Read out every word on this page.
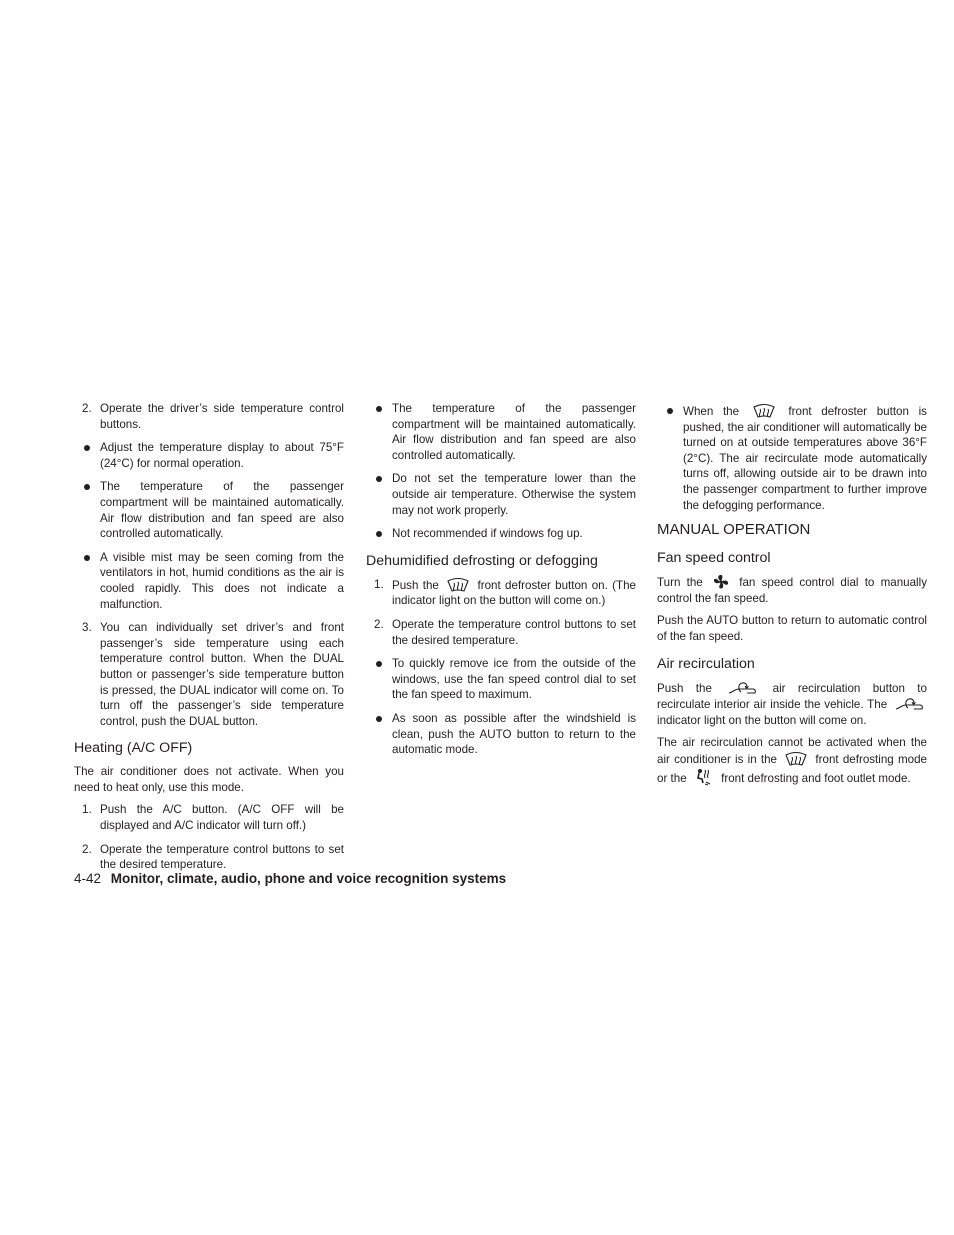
2. Operate the driver’s side temperature control buttons.
Adjust the temperature display to about 75°F (24°C) for normal operation.
The temperature of the passenger compartment will be maintained automatically. Air flow distribution and fan speed are also controlled automatically.
A visible mist may be seen coming from the ventilators in hot, humid conditions as the air is cooled rapidly. This does not indicate a malfunction.
3. You can individually set driver’s and front passenger’s side temperature using each temperature control button. When the DUAL button or passenger’s side temperature button is pressed, the DUAL indicator will come on. To turn off the passenger’s side temperature control, push the DUAL button.
Heating (A/C OFF)

The air conditioner does not activate. When you need to heat only, use this mode.

1. Push the A/C button. (A/C OFF will be displayed and A/C indicator will turn off.)
2. Operate the temperature control buttons to set the desired temperature.
The temperature of the passenger compartment will be maintained automatically. Air flow distribution and fan speed are also controlled automatically.
Do not set the temperature lower than the outside air temperature. Otherwise the system may not work properly.
Not recommended if windows fog up.
Dehumidified defrosting or defogging
1. Push the	front defroster button on. (The indicator light on the button will come on.)
2. Operate the temperature control buttons to set the desired temperature.
To quickly remove ice from the outside of the windows, use the fan speed control dial to set the fan speed to maximum.
As soon as possible after the windshield is clean, push the AUTO button to return to the automatic mode.
When the	front defroster button is pushed, the air conditioner will automatically be turned on at outside temperatures above 36°F (2°C). The air recirculate mode automatically turns off, allowing outside air to be drawn into the passenger compartment to further improve the defogging performance.
MANUAL OPERATION
Fan speed control

Turn the	fan speed control dial to manually control the fan speed.

Push the AUTO button to return to automatic control of the fan speed.

Air recirculation

Push the	air recirculation button to recirculate interior air inside the vehicle. The  indicator light on the button will come on.

The air recirculation cannot be activated when the air conditioner is in the	front defrosting mode or the	front defrosting and foot outlet mode.

4-42 Monitor, climate, audio, phone and voice recognition systems
